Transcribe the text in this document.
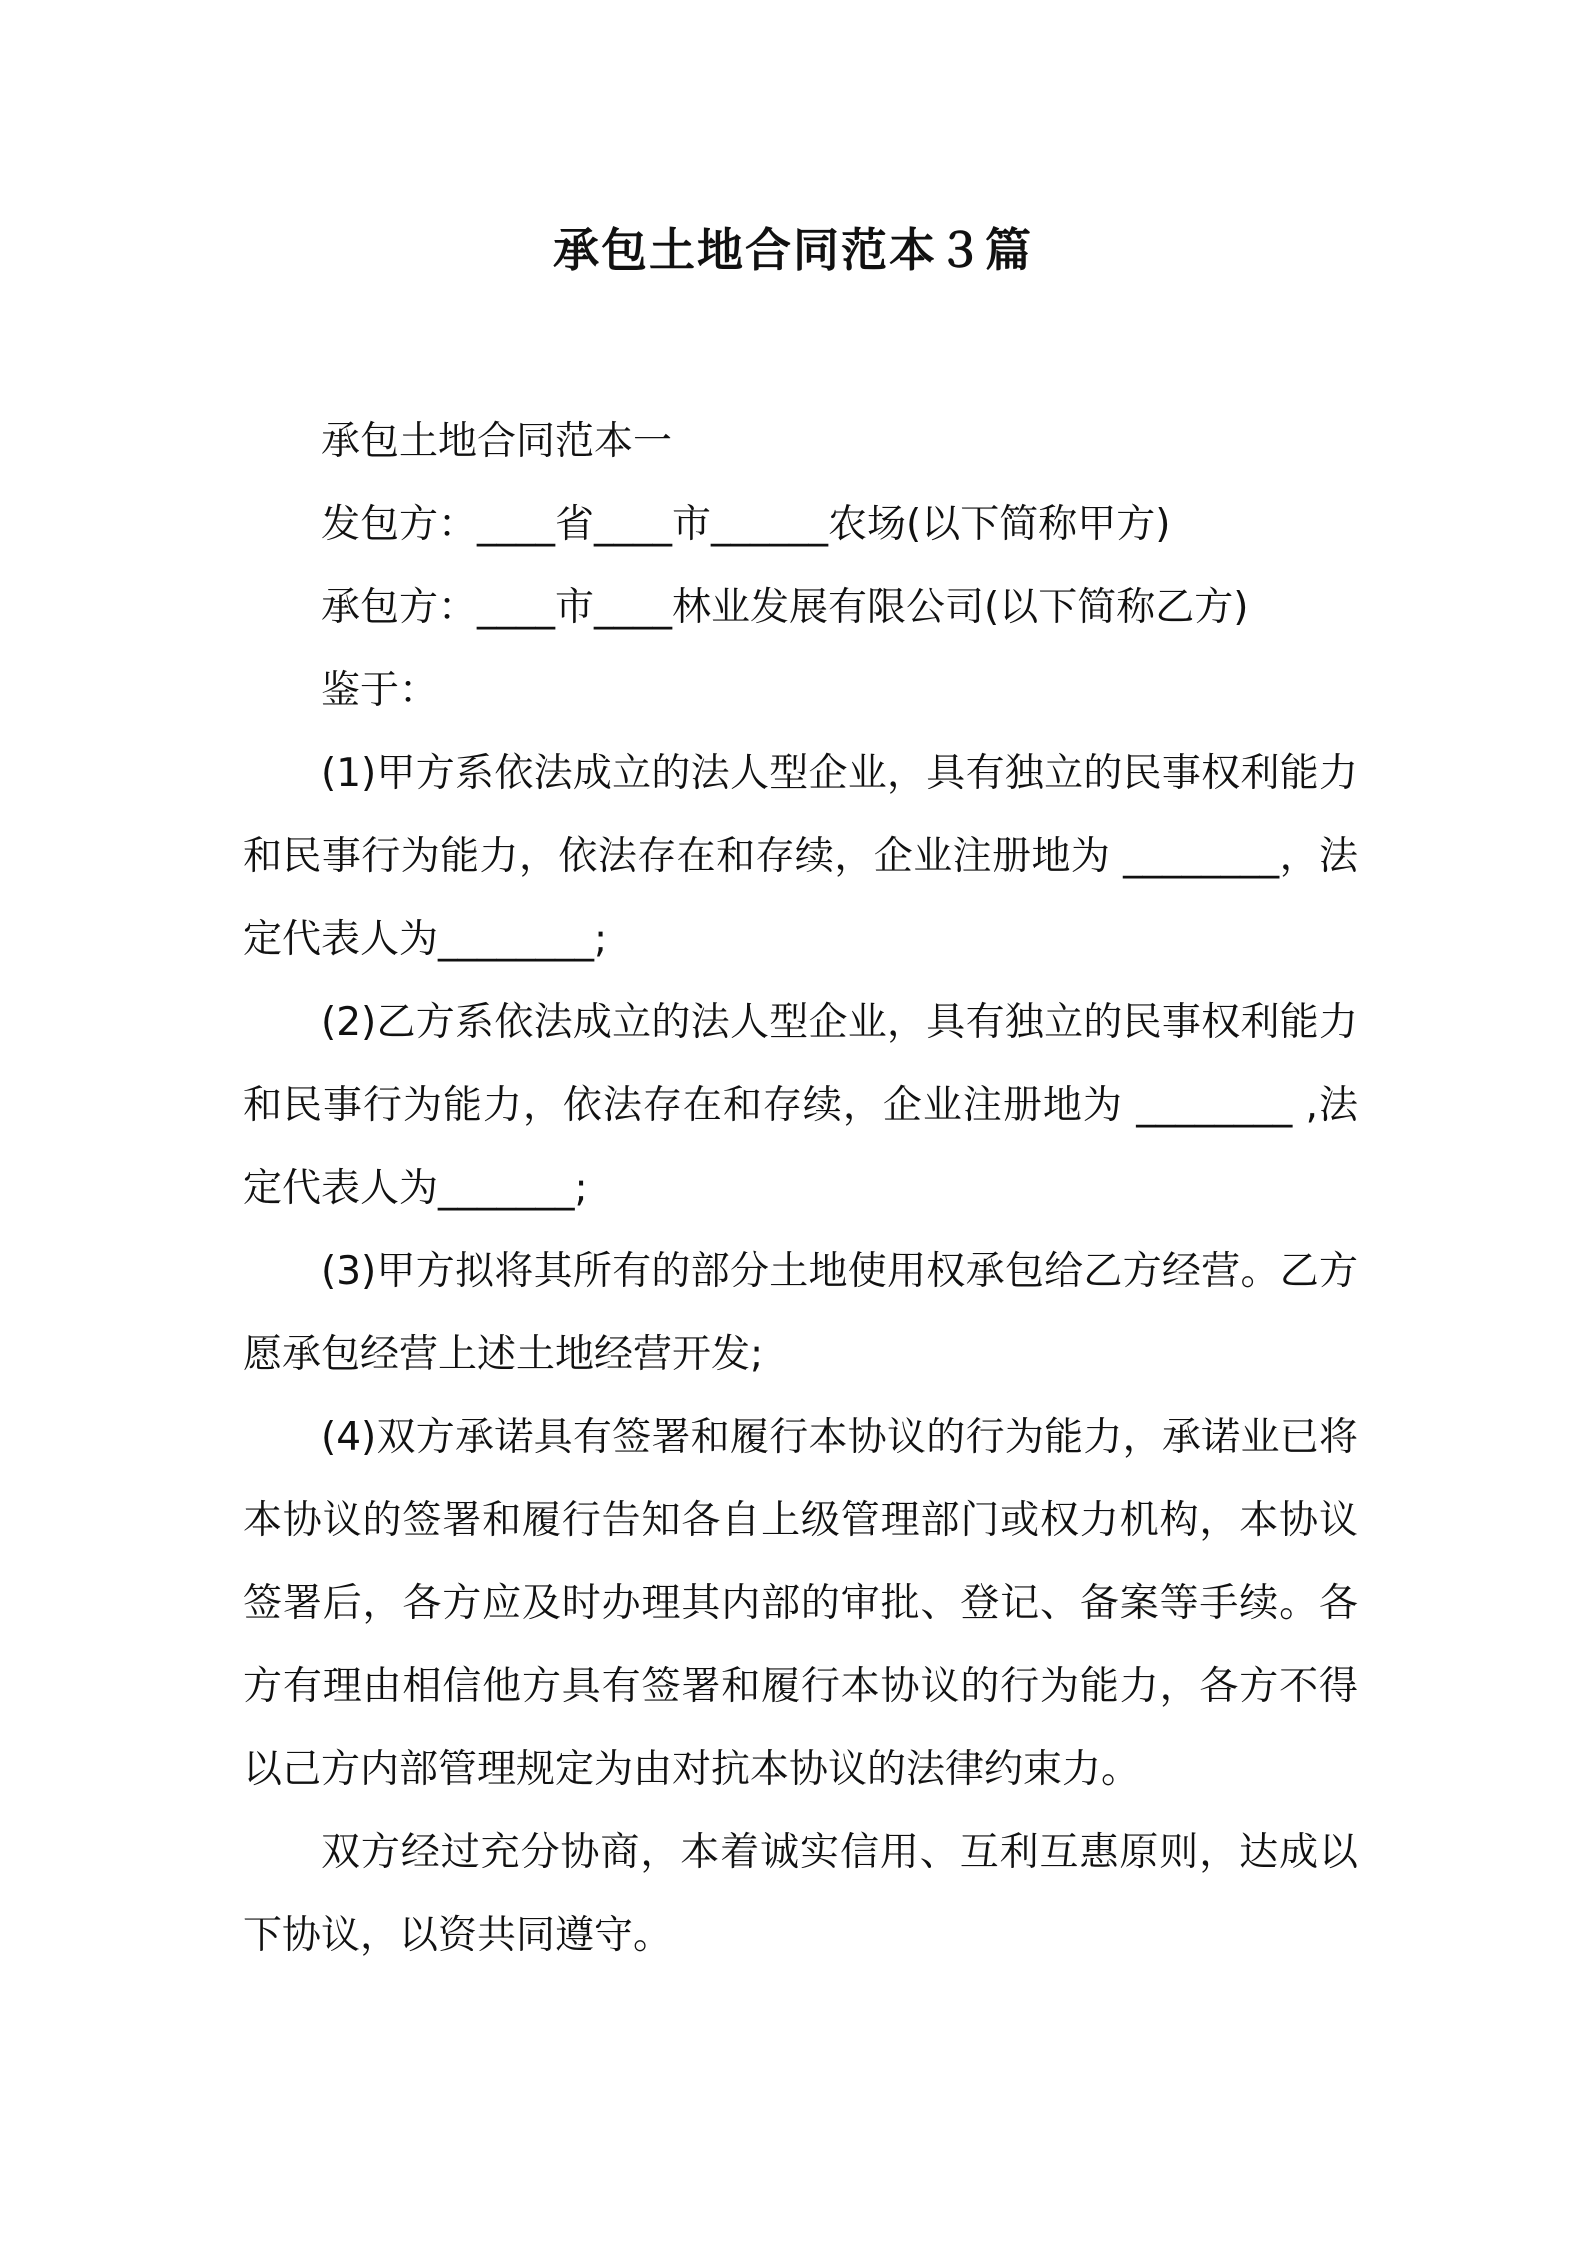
承包土地合同范本３篇

承包土地合同范本一

发包方：____省____市______农场(以下简称甲方)

承包方：____市____林业发展有限公司(以下简称乙方)

鉴于：

(1)甲方系依法成立的法人型企业，具有独立的民事权利能力和民事行为能力，依法存在和存续，企业注册地为 ________，法定代表人为________;

(2)乙方系依法成立的法人型企业，具有独立的民事权利能力和民事行为能力，依法存在和存续，企业注册地为 ________ ,法定代表人为_______;

(3)甲方拟将其所有的部分土地使用权承包给乙方经营。乙方愿承包经营上述土地经营开发;

(4)双方承诺具有签署和履行本协议的行为能力，承诺业已将本协议的签署和履行告知各自上级管理部门或权力机构，本协议签署后，各方应及时办理其内部的审批、登记、备案等手续。各方有理由相信他方具有签署和履行本协议的行为能力，各方不得以己方内部管理规定为由对抗本协议的法律约束力。

双方经过充分协商，本着诚实信用、互利互惠原则，达成以下协议，以资共同遵守。
